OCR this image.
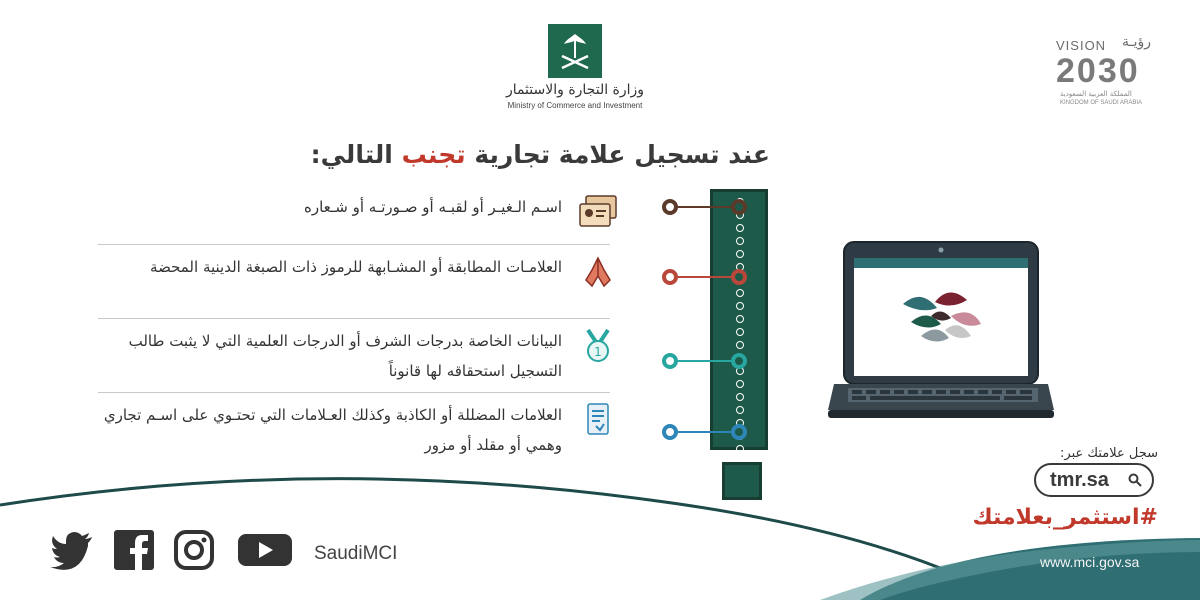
وزارة التجارة والاستثمار
Ministry of Commerce and Investment
VISION رؤيـة
2030
المملكة العربية السعودية
KINGDOM OF SAUDI ARABIA
عند تسجيل علامة تجارية تجنب التالي:
اسـم الـغيـر أو لقبـه أو صـورتـه أو شـعاره
العلامـات المطابقة أو المشـابهة للرموز ذات الصبغة الدينية المحضة
1
البيانات الخاصة بدرجات الشرف أو الدرجات العلمية التي لا يثبت طالب التسجيل استحقاقه لها قانوناً
العلامات المضللة أو الكاذبة وكذلك العـلامات التي تحتـوي على اسـم تجاري وهمي أو مقلد أو مزور	سجل علامتك عبر:
tmr.sa
#استثمر_بعلامتك
www.mci.gov.sa
SaudiMCI
